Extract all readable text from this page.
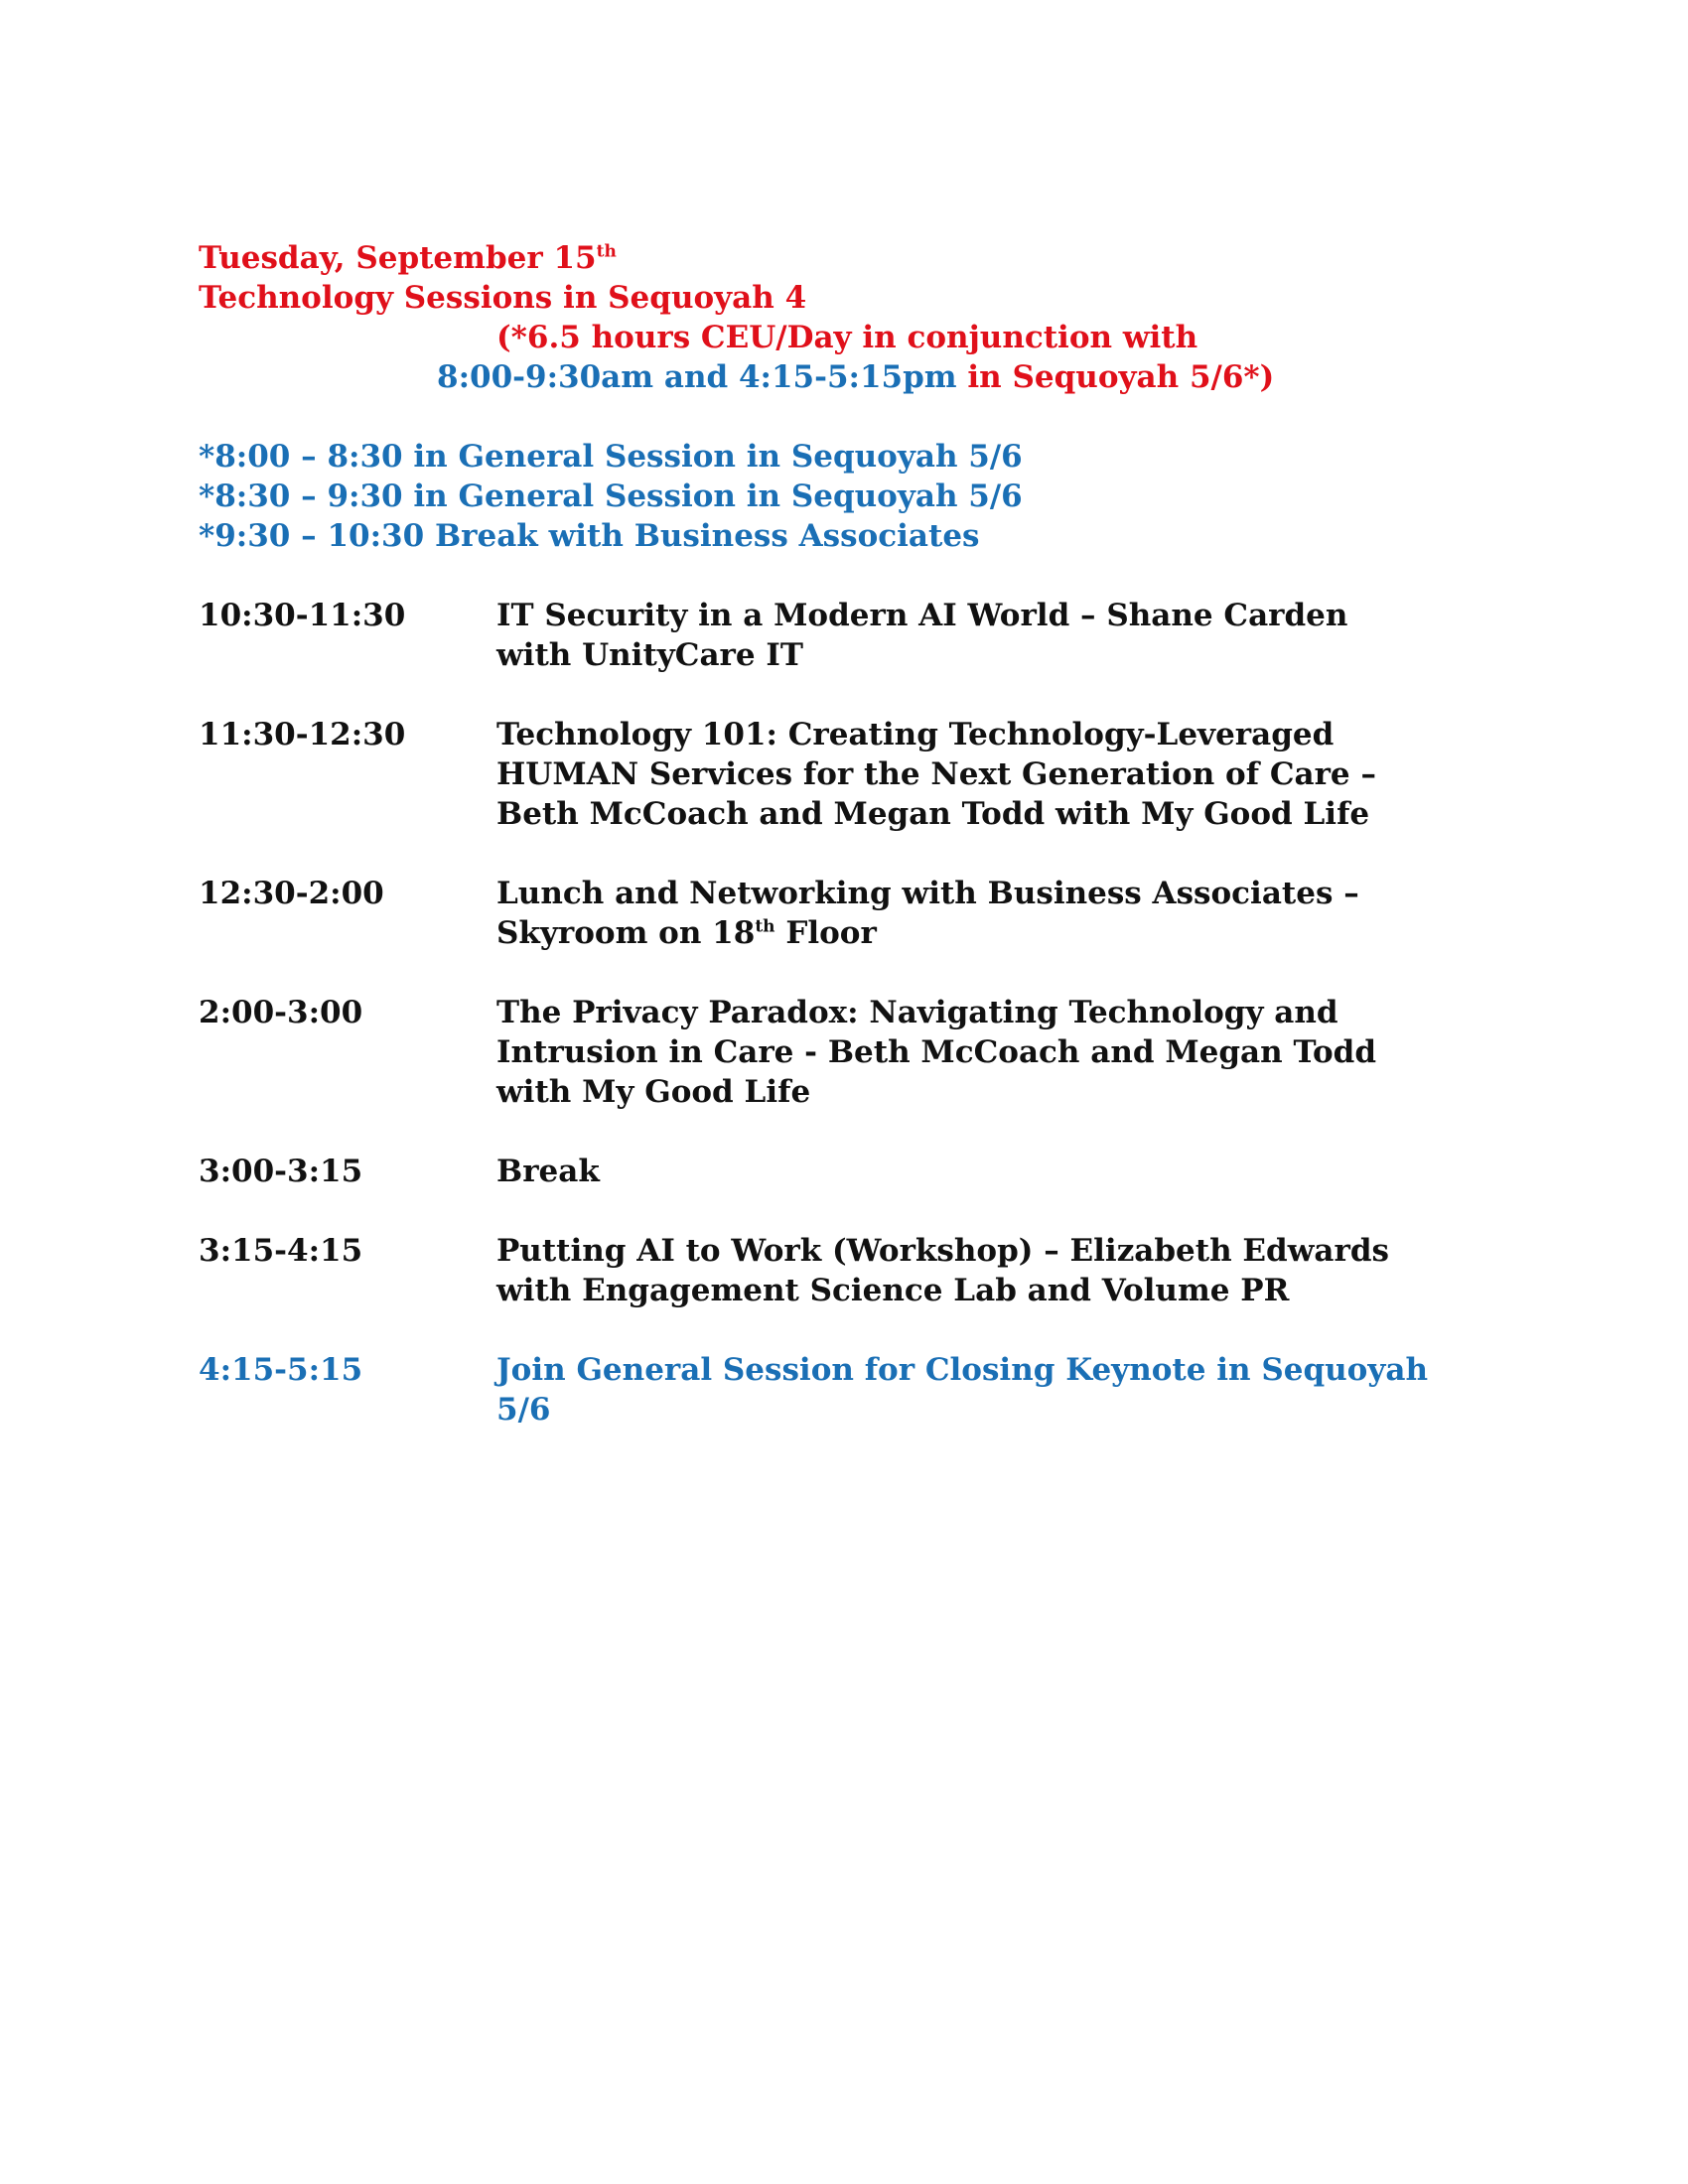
Tuesday, September 15th
Technology Sessions in Sequoyah 4
(*6.5 hours CEU/Day in conjunction with
8:00-9:30am and 4:15-5:15pm in Sequoyah 5/6*)
*8:00 – 8:30 in General Session in Sequoyah 5/6
*8:30 – 9:30 in General Session in Sequoyah 5/6
*9:30 – 10:30 Break with Business Associates
10:30-11:30	IT Security in a Modern AI World – Shane Carden with UnityCare IT
11:30-12:30	Technology 101: Creating Technology-Leveraged HUMAN Services for the Next Generation of Care – Beth McCoach and Megan Todd with My Good Life
12:30-2:00	Lunch and Networking with Business Associates – Skyroom on 18th Floor
2:00-3:00	The Privacy Paradox: Navigating Technology and Intrusion in Care - Beth McCoach and Megan Todd with My Good Life
3:00-3:15	Break
3:15-4:15	Putting AI to Work (Workshop) – Elizabeth Edwards with Engagement Science Lab and Volume PR
4:15-5:15	Join General Session for Closing Keynote in Sequoyah 5/6
